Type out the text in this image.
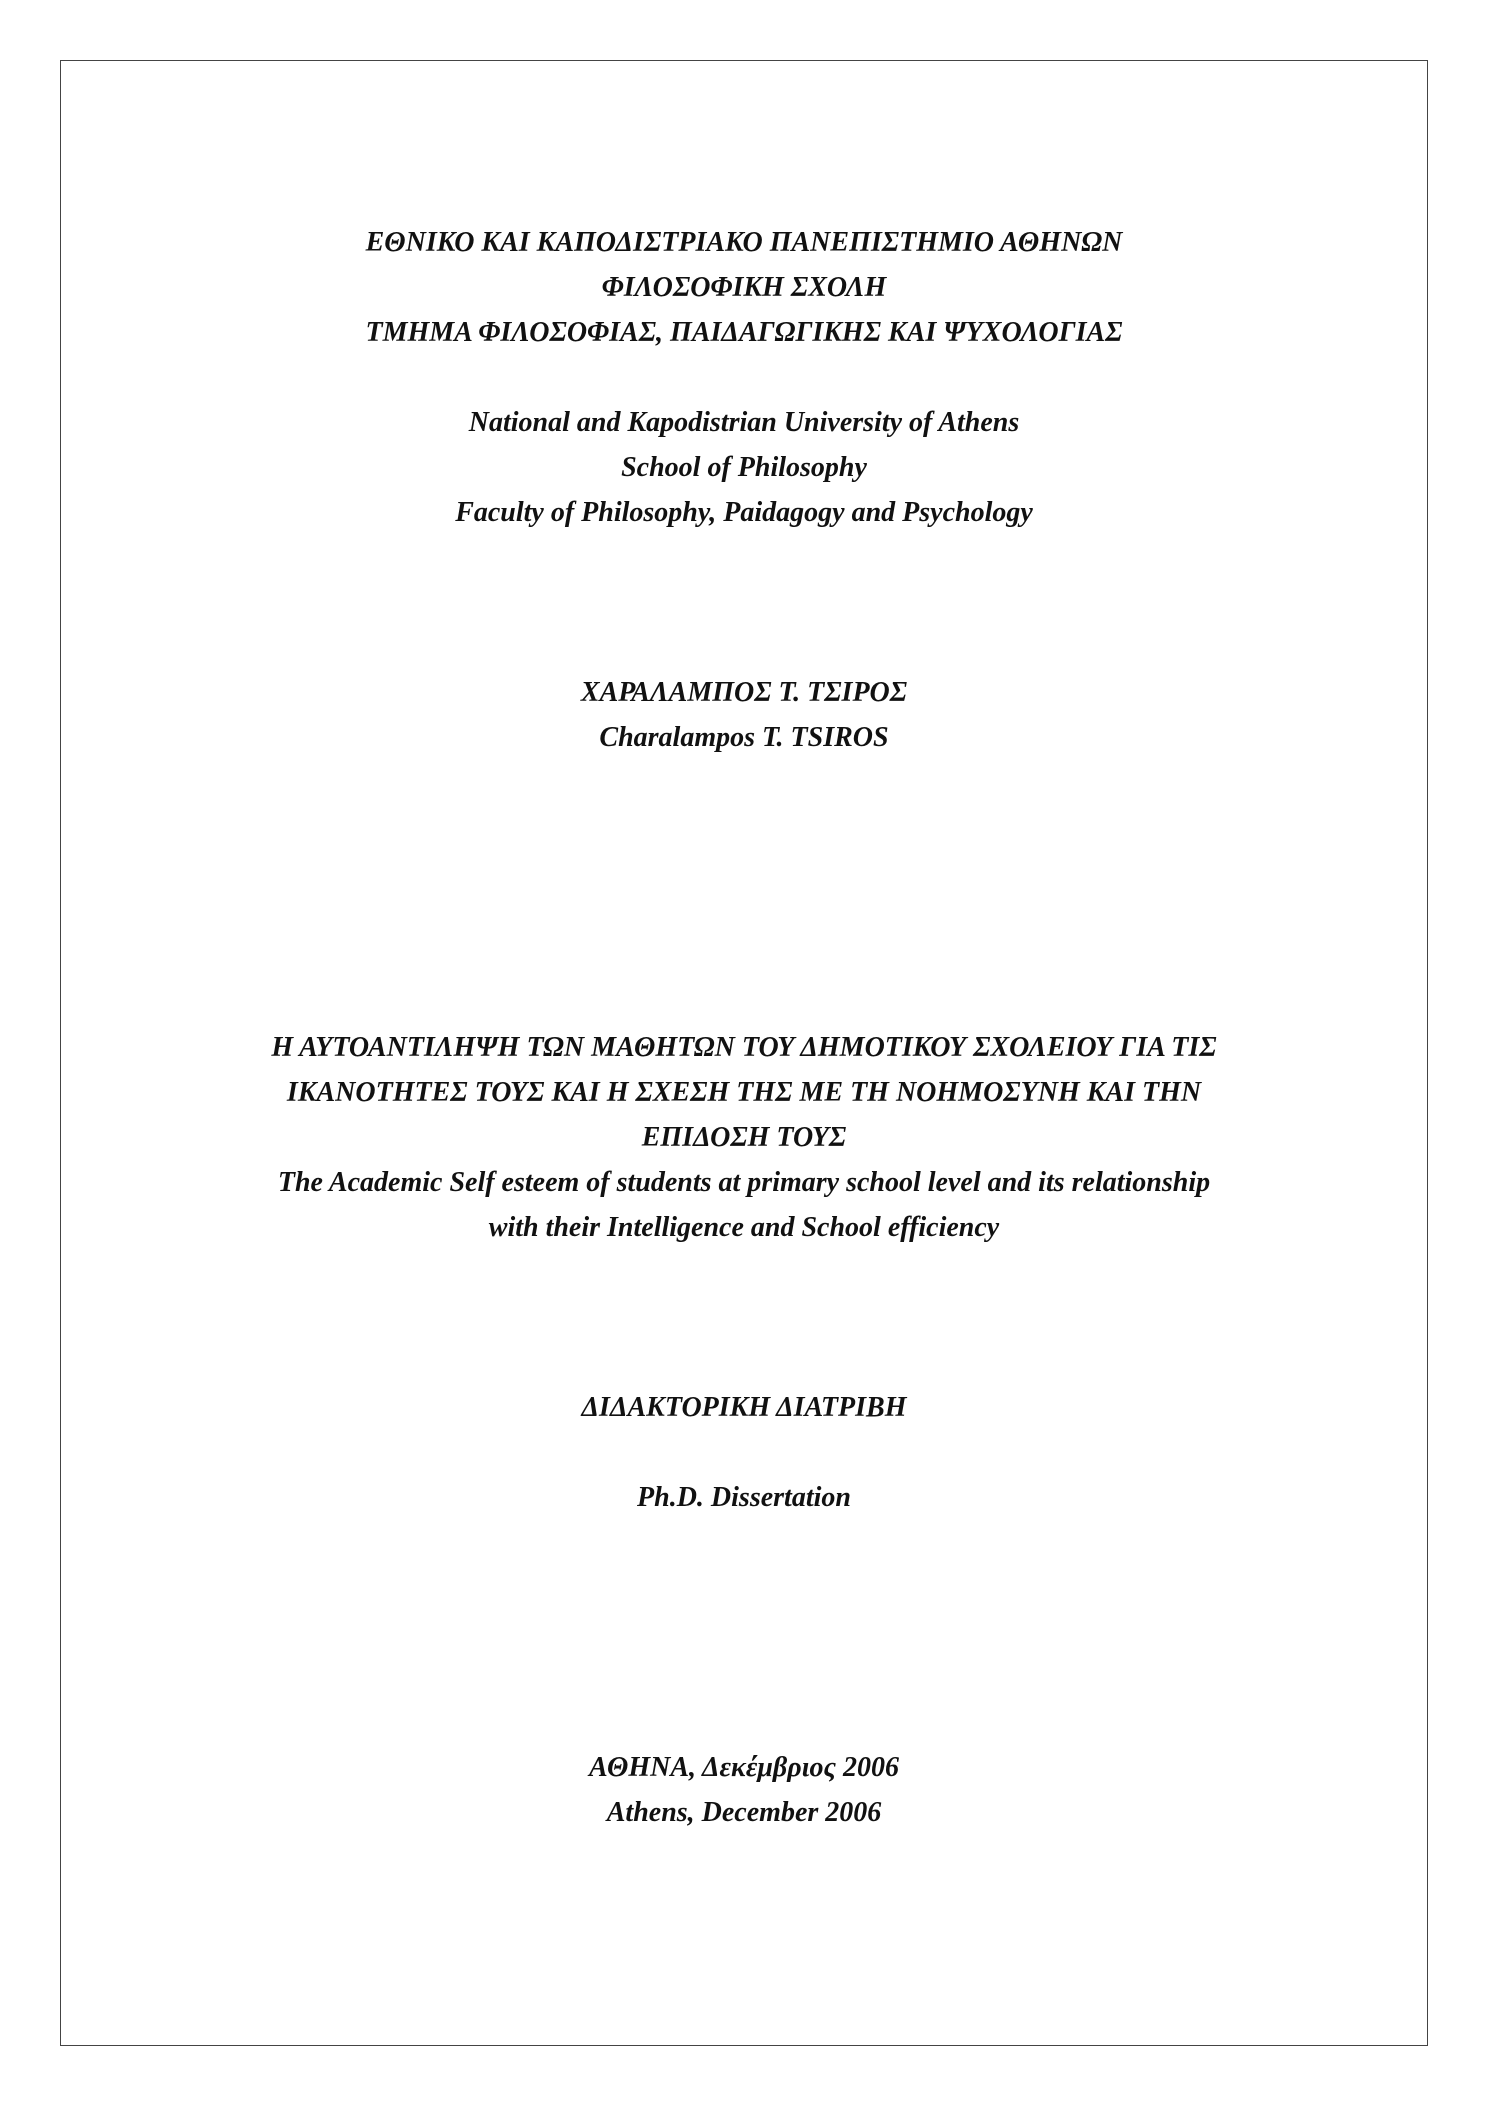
ΕΘΝΙΚΟ ΚΑΙ ΚΑΠΟΔΙΣΤΡΙΑΚΟ ΠΑΝΕΠΙΣΤΗΜΙΟ ΑΘΗΝΩΝ
ΦΙΛΟΣΟΦΙΚΗ ΣΧΟΛΗ
ΤΜΗΜΑ ΦΙΛΟΣΟΦΙΑΣ, ΠΑΙΔΑΓΩΓΙΚΗΣ ΚΑΙ ΨΥΧΟΛΟΓΙΑΣ
National and Kapodistrian University of Athens
School of Philosophy
Faculty of Philosophy, Paidagogy and Psychology
ΧΑΡΑΛΑΜΠΟΣ Τ. ΤΣΙΡΟΣ
Charalampos T. TSIROS
Η ΑΥΤΟΑΝΤΙΛΗΨΗ ΤΩΝ ΜΑΘΗΤΩΝ ΤΟΥ ΔΗΜΟΤΙΚΟΥ ΣΧΟΛΕΙΟΥ ΓΙΑ ΤΙΣ
ΙΚΑΝΟΤΗΤΕΣ ΤΟΥΣ ΚΑΙ Η ΣΧΕΣΗ ΤΗΣ ΜΕ ΤΗ ΝΟΗΜΟΣΥΝΗ ΚΑΙ ΤΗΝ
ΕΠΙΔΟΣΗ ΤΟΥΣ
The Academic Self esteem of students at primary school level and its relationship
with their Intelligence and School efficiency
ΔΙΔΑΚΤΟΡΙΚΗ ΔΙΑΤΡΙΒΗ
Ph.D. Dissertation
ΑΘΗΝΑ, Δεκέμβριος 2006
Athens, December 2006
